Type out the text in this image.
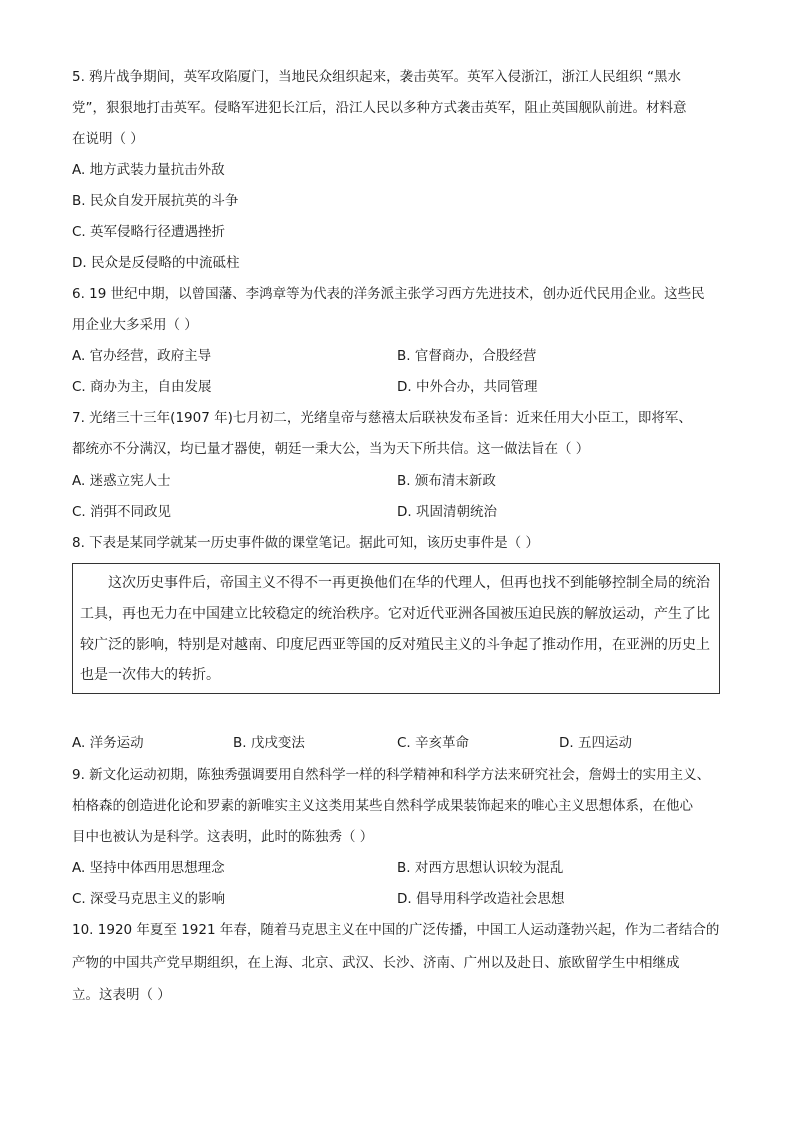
5. 鸦片战争期间，英军攻陷厦门，当地民众组织起来，袭击英军。英军入侵浙江，浙江人民组织 “黑水
党”，狠狠地打击英军。侵略军进犯长江后，沿江人民以多种方式袭击英军，阻止英国舰队前进。材料意
在说明（ ）
A. 地方武装力量抗击外敌
B. 民众自发开展抗英的斗争
C. 英军侵略行径遭遇挫折
D. 民众是反侵略的中流砥柱
6. 19 世纪中期，以曾国藩、李鸿章等为代表的洋务派主张学习西方先进技术，创办近代民用企业。这些民
用企业大多采用（ ）
A. 官办经营，政府主导	B. 官督商办，合股经营
C. 商办为主，自由发展	D. 中外合办，共同管理
7. 光绪三十三年(1907 年)七月初二，光绪皇帝与慈禧太后联袂发布圣旨：近来任用大小臣工，即将军、
都统亦不分满汉，均已量才器使，朝廷一秉大公，当为天下所共信。这一做法旨在（ ）
A. 迷惑立宪人士	B. 颁布清末新政
C. 消弭不同政见	D. 巩固清朝统治
8. 下表是某同学就某一历史事件做的课堂笔记。据此可知，该历史事件是（ ）
这次历史事件后，帝国主义不得不一再更换他们在华的代理人，但再也找不到能够控制全局的统治
工具，再也无力在中国建立比较稳定的统治秩序。它对近代亚洲各国被压迫民族的解放运动，产生了比
较广泛的影响，特别是对越南、印度尼西亚等国的反对殖民主义的斗争起了推动作用，在亚洲的历史上
也是一次伟大的转折。
A. 洋务运动	B. 戊戌变法	C. 辛亥革命	D. 五四运动
9. 新文化运动初期，陈独秀强调要用自然科学一样的科学精神和科学方法来研究社会，詹姆士的实用主义、
柏格森的创造进化论和罗素的新唯实主义这类用某些自然科学成果装饰起来的唯心主义思想体系，在他心
目中也被认为是科学。这表明，此时的陈独秀（ ）
A. 坚持中体西用思想理念	B. 对西方思想认识较为混乱
C. 深受马克思主义的影响	D. 倡导用科学改造社会思想
10. 1920 年夏至 1921 年春，随着马克思主义在中国的广泛传播，中国工人运动蓬勃兴起，作为二者结合的
产物的中国共产党早期组织，在上海、北京、武汉、长沙、济南、广州以及赴日、旅欧留学生中相继成
立。这表明（ ）
